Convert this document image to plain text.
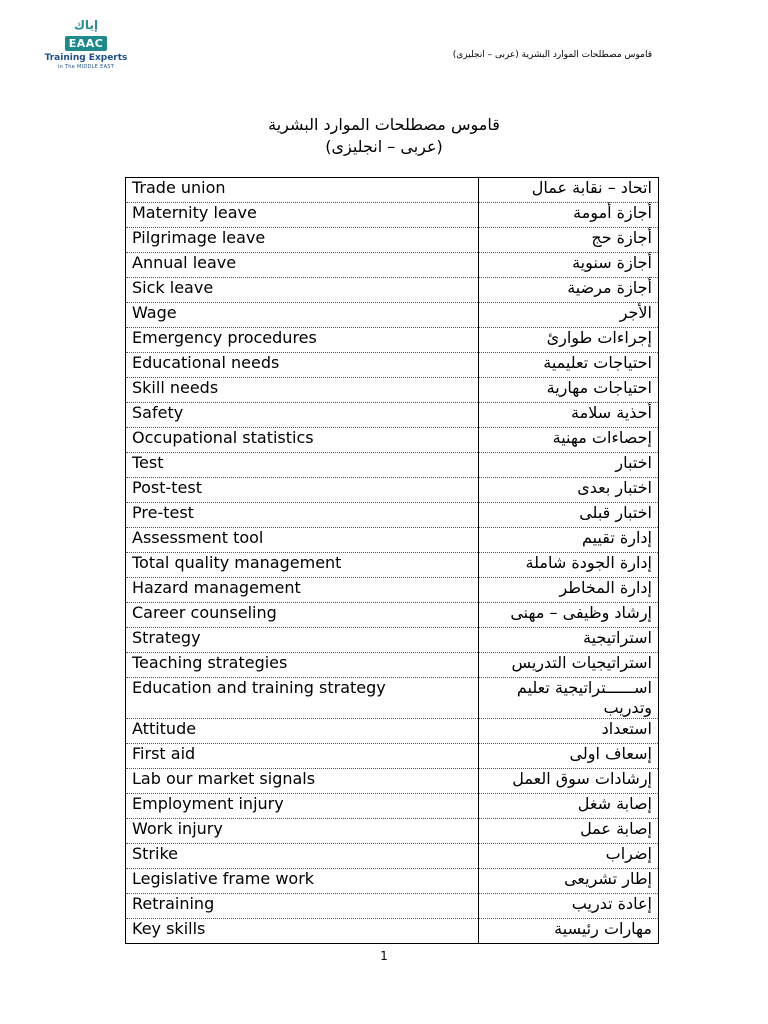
إياك
EAAC
Training Experts
in The MIDDLE EAST
قاموس مصطلحات الموارد البشرية (عربى – انجليزى)
قاموس مصطلحات الموارد البشرية
(عربى – انجليزى)
Trade union	اتحاد – نقابة عمال
Maternity leave	أجازة أمومة
Pilgrimage leave	أجازة حج
Annual leave	أجازة سنوية
Sick leave	أجازة مرضية
Wage	الأجر
Emergency procedures	إجراءات طوارئ
Educational needs	احتياجات تعليمية
Skill needs	احتياجات مهارية
Safety	أحذية سلامة
Occupational statistics	إحصاءات مهنية
Test	اختبار
Post-test	اختبار بعدى
Pre-test	اختبار قبلى
Assessment tool	إدارة تقييم
Total quality management	إدارة الجودة شاملة
Hazard management	إدارة المخاطر
Career counseling	إرشاد وظيفى – مهنى
Strategy	استراتيجية
Teaching strategies	استراتيجيات التدريس
Education and training strategy	اســــــتراتيجية تعليم وتدريب
Attitude	استعداد
First aid	إسعاف اولى
Lab our market signals	إرشادات سوق العمل
Employment injury	إصابة شغل
Work injury	إصابة عمل
Strike	إضراب
Legislative frame work	إطار تشريعى
Retraining	إعادة تدريب
Key skills	مهارات رئيسية
1
